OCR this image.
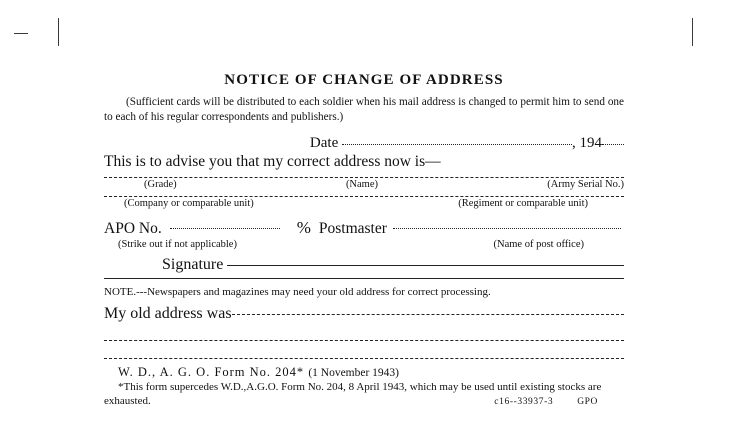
NOTICE OF CHANGE OF ADDRESS
(Sufficient cards will be distributed to each soldier when his mail address is changed to permit him to send one to each of his regular correspondents and publishers.)
Date	, 194
This is to advise you that my correct address now is—
(Grade)	(Name)	(Army Serial No.)
(Company or comparable unit)	(Regiment or comparable unit)
APO No.	% Postmaster
(Strike out if not applicable)	(Name of post office)
Signature
NOTE.---Newspapers and magazines may need your old address for correct processing.
My old address was
W. D., A. G. O. Form No. 204* (1 November 1943)
*This form supercedes W.D.,A.G.O. Form No. 204, 8 April 1943, which may be used until existing stocks are exhausted.	c16--33937-3	GPO
